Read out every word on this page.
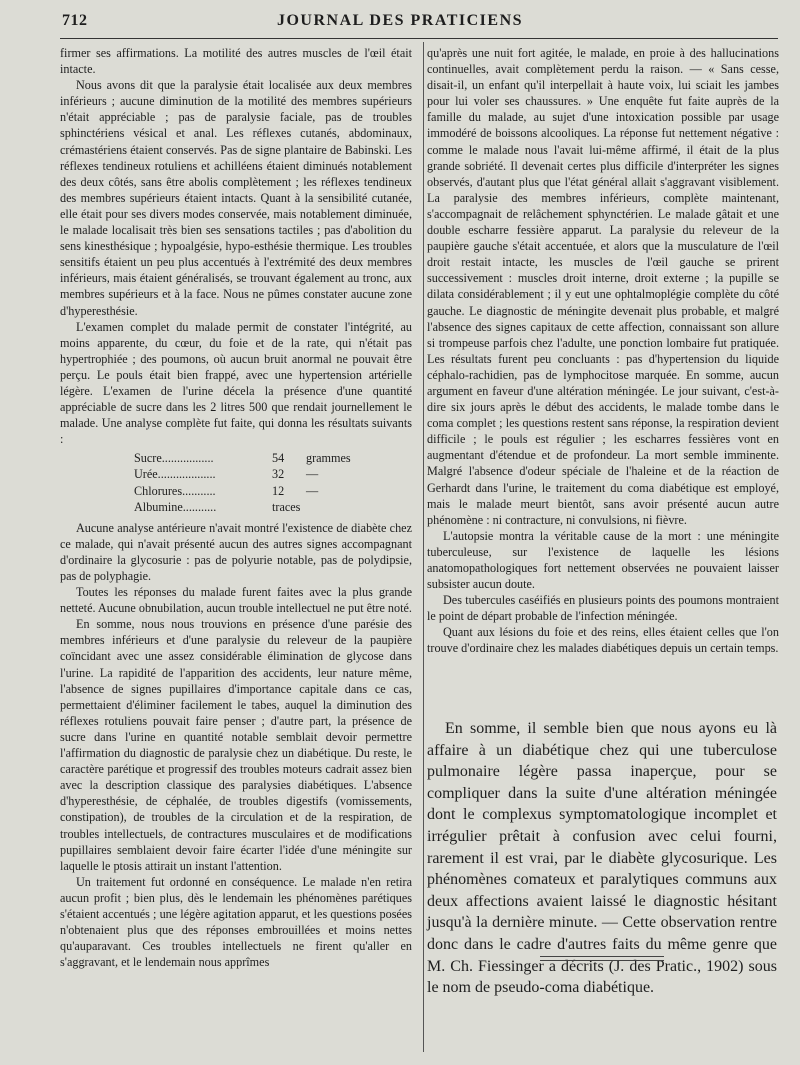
712	JOURNAL DES PRATICIENS

firmer ses affirmations. La motilité des autres muscles de l'œil était intacte.

Nous avons dit que la paralysie était localisée aux deux membres inférieurs ; aucune diminution de la motilité des membres supérieurs n'était appréciable ; pas de paralysie faciale, pas de troubles sphinctériens vésical et anal. Les réflexes cutanés, abdominaux, crémastériens étaient conservés. Pas de signe plantaire de Babinski. Les réflexes tendineux rotuliens et achilléens étaient diminués notablement des deux côtés, sans être abolis complètement ; les réflexes tendineux des membres supérieurs étaient intacts. Quant à la sensibilité cutanée, elle était pour ses divers modes conservée, mais notablement diminuée, le malade localisait très bien ses sensations tactiles ; pas d'abolition du sens kinesthésique ; hypoalgésie, hypo-esthésie thermique. Les troubles sensitifs étaient un peu plus accentués à l'extrémité des deux membres inférieurs, mais étaient généralisés, se trouvant également au tronc, aux membres supérieurs et à la face. Nous ne pûmes constater aucune zone d'hyperesthésie.

L'examen complet du malade permit de constater l'intégrité, au moins apparente, du cœur, du foie et de la rate, qui n'était pas hypertrophiée ; des poumons, où aucun bruit anormal ne pouvait être perçu. Le pouls était bien frappé, avec une hypertension artérielle légère. L'examen de l'urine décela la présence d'une quantité appréciable de sucre dans les 2 litres 500 que rendait journellement le malade. Une analyse complète fut faite, qui donna les résultats suivants :

Sucre.................	54	grammes
Urée...................	32	—
Chlorures...........	12	—
Albumine...........	traces

Aucune analyse antérieure n'avait montré l'existence de diabète chez ce malade, qui n'avait présenté aucun des autres signes accompagnant d'ordinaire la glycosurie : pas de polyurie notable, pas de polydipsie, pas de polyphagie.

Toutes les réponses du malade furent faites avec la plus grande netteté. Aucune obnubilation, aucun trouble intellectuel ne put être noté.

En somme, nous nous trouvions en présence d'une parésie des membres inférieurs et d'une paralysie du releveur de la paupière coïncidant avec une assez considérable élimination de glycose dans l'urine. La rapidité de l'apparition des accidents, leur nature même, l'absence de signes pupillaires d'importance capitale dans ce cas, permettaient d'éliminer facilement le tabes, auquel la diminution des réflexes rotuliens pouvait faire penser ; d'autre part, la présence de sucre dans l'urine en quantité notable semblait devoir permettre l'affirmation du diagnostic de paralysie chez un diabétique. Du reste, le caractère parétique et progressif des troubles moteurs cadrait assez bien avec la description classique des paralysies diabétiques. L'absence d'hyperesthésie, de céphalée, de troubles digestifs (vomissements, constipation), de troubles de la circulation et de la respiration, de troubles intellectuels, de contractures musculaires et de modifications pupillaires semblaient devoir faire écarter l'idée d'une méningite sur laquelle le ptosis attirait un instant l'attention.

Un traitement fut ordonné en conséquence. Le malade n'en retira aucun profit ; bien plus, dès le lendemain les phénomènes parétiques s'étaient accentués ; une légère agitation apparut, et les questions posées n'obtenaient plus que des réponses embrouillées et moins nettes qu'auparavant. Ces troubles intellectuels ne firent qu'aller en s'aggravant, et le lendemain nous apprîmes

qu'après une nuit fort agitée, le malade, en proie à des hallucinations continuelles, avait complètement perdu la raison. — « Sans cesse, disait-il, un enfant qu'il interpellait à haute voix, lui sciait les jambes pour lui voler ses chaussures. » Une enquête fut faite auprès de la famille du malade, au sujet d'une intoxication possible par usage immodéré de boissons alcooliques. La réponse fut nettement négative : comme le malade nous l'avait lui-même affirmé, il était de la plus grande sobriété. Il devenait certes plus difficile d'interpréter les signes observés, d'autant plus que l'état général allait s'aggravant visiblement. La paralysie des membres inférieurs, complète maintenant, s'accompagnait de relâchement sphynctérien. Le malade gâtait et une double escharre fessière apparut. La paralysie du releveur de la paupière gauche s'était accentuée, et alors que la musculature de l'œil droit restait intacte, les muscles de l'œil gauche se prirent successivement : muscles droit interne, droit externe ; la pupille se dilata considérablement ; il y eut une ophtalmoplégie complète du côté gauche. Le diagnostic de méningite devenait plus probable, et malgré l'absence des signes capitaux de cette affection, connaissant son allure si trompeuse parfois chez l'adulte, une ponction lombaire fut pratiquée. Les résultats furent peu concluants : pas d'hypertension du liquide céphalo-rachidien, pas de lymphocitose marquée. En somme, aucun argument en faveur d'une altération méningée. Le jour suivant, c'est-à-dire six jours après le début des accidents, le malade tombe dans le coma complet ; les questions restent sans réponse, la respiration devient difficile ; le pouls est régulier ; les escharres fessières vont en augmentant d'étendue et de profondeur. La mort semble imminente. Malgré l'absence d'odeur spéciale de l'haleine et de la réaction de Gerhardt dans l'urine, le traitement du coma diabétique est employé, mais le malade meurt bientôt, sans avoir présenté aucun autre phénomène : ni contracture, ni convulsions, ni fièvre.

L'autopsie montra la véritable cause de la mort : une méningite tuberculeuse, sur l'existence de laquelle les lésions anatomopathologiques fort nettement observées ne pouvaient laisser subsister aucun doute.

Des tubercules caséifiés en plusieurs points des poumons montraient le point de départ probable de l'infection méningée.

Quant aux lésions du foie et des reins, elles étaient celles que l'on trouve d'ordinaire chez les malades diabétiques depuis un certain temps.

En somme, il semble bien que nous ayons eu là affaire à un diabétique chez qui une tuberculose pulmonaire légère passa inaperçue, pour se compliquer dans la suite d'une altération méningée dont le complexus symptomatologique incomplet et irrégulier prêtait à confusion avec celui fourni, rarement il est vrai, par le diabète glycosurique. Les phénomènes comateux et paralytiques communs aux deux affections avaient laissé le diagnostic hésitant jusqu'à la dernière minute. — Cette observation rentre donc dans le cadre d'autres faits du même genre que M. Ch. Fiessinger a décrits (J. des Pratic., 1902) sous le nom de pseudo-coma diabétique.
